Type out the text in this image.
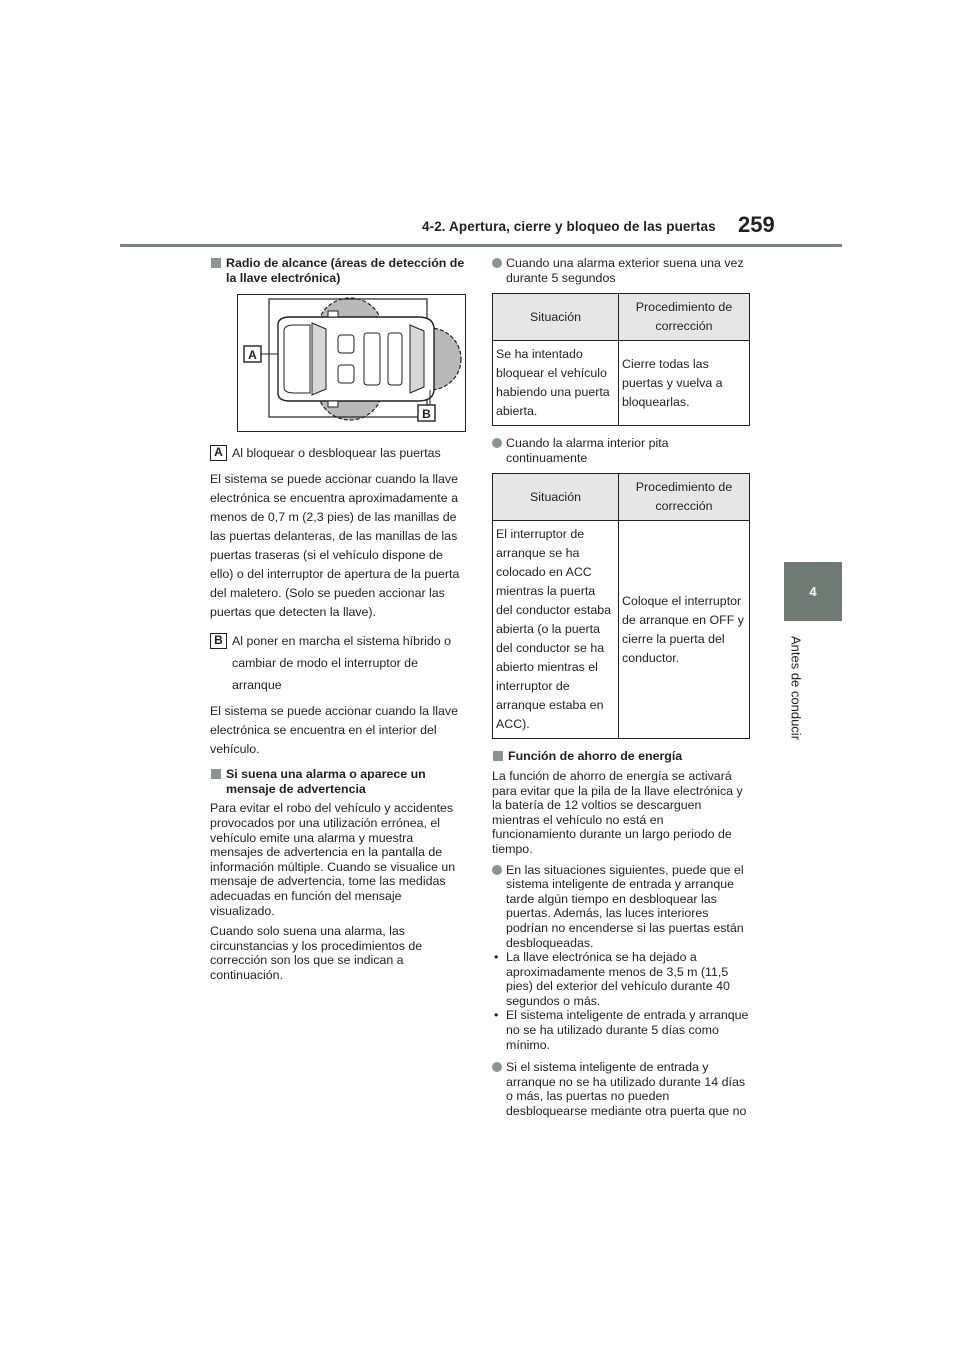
4-2. Apertura, cierre y bloqueo de las puertas 259
4
Antes de conducir
Radio de alcance (áreas de detección de la llave electrónica)
A
B
A Al bloquear o desbloquear las puertas
El sistema se puede accionar cuando la llave electrónica se encuentra aproximadamente a menos de 0,7 m (2,3 pies) de las manillas de las puertas delanteras, de las manillas de las puertas traseras (si el vehículo dispone de ello) o del interruptor de apertura de la puerta del maletero. (Solo se pueden accionar las puertas que detecten la llave).
B Al poner en marcha el sistema híbrido o cambiar de modo el interruptor de arranque
El sistema se puede accionar cuando la llave electrónica se encuentra en el interior del vehículo.
Si suena una alarma o aparece un mensaje de advertencia
Para evitar el robo del vehículo y accidentes provocados por una utilización errónea, el vehículo emite una alarma y muestra mensajes de advertencia en la pantalla de información múltiple. Cuando se visualice un mensaje de advertencia, tome las medidas adecuadas en función del mensaje visualizado.
Cuando solo suena una alarma, las circunstancias y los procedimientos de corrección son los que se indican a continuación.
Cuando una alarma exterior suena una vez durante 5 segundos
Situación	Procedimiento de corrección
Se ha intentado bloquear el vehículo habiendo una puerta abierta.	Cierre todas las puertas y vuelva a bloquearlas.
Cuando la alarma interior pita continuamente
Situación	Procedimiento de corrección
El interruptor de arranque se ha colocado en ACC mientras la puerta del conductor estaba abierta (o la puerta del conductor se ha abierto mientras el interruptor de arranque estaba en ACC).	Coloque el interruptor de arranque en OFF y cierre la puerta del conductor.
Función de ahorro de energía
La función de ahorro de energía se activará para evitar que la pila de la llave electrónica y la batería de 12 voltios se descarguen mientras el vehículo no está en funcionamiento durante un largo periodo de tiempo.
En las situaciones siguientes, puede que el sistema inteligente de entrada y arranque tarde algún tiempo en desbloquear las puertas. Además, las luces interiores podrían no encenderse si las puertas están desbloqueadas.
• La llave electrónica se ha dejado a aproximadamente menos de 3,5 m (11,5 pies) del exterior del vehículo durante 40 segundos o más.
• El sistema inteligente de entrada y arranque no se ha utilizado durante 5 días como mínimo.
Si el sistema inteligente de entrada y arranque no se ha utilizado durante 14 días o más, las puertas no pueden desbloquearse mediante otra puerta que no
